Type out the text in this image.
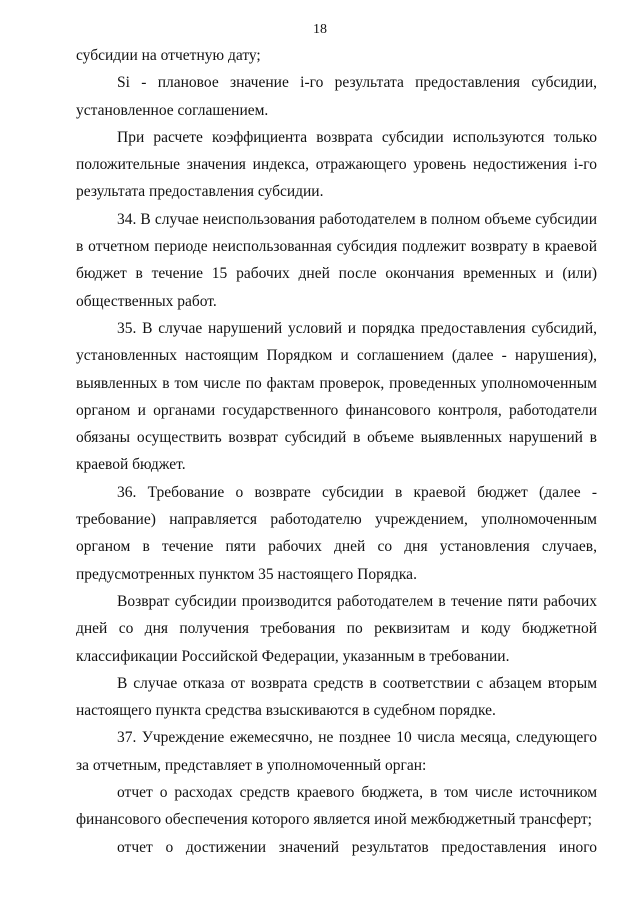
18

субсидии на отчетную дату;

Si - плановое значение i-го результата предоставления субсидии, установленное соглашением.

При расчете коэффициента возврата субсидии используются только положительные значения индекса, отражающего уровень недостижения i-го результата предоставления субсидии.

34. В случае неиспользования работодателем в полном объеме субсидии в отчетном периоде неиспользованная субсидия подлежит возврату в краевой бюджет в течение 15 рабочих дней после окончания временных и (или) общественных работ.

35. В случае нарушений условий и порядка предоставления субсидий, установленных настоящим Порядком и соглашением (далее - нарушения), выявленных в том числе по фактам проверок, проведенных уполномоченным органом и органами государственного финансового контроля, работодатели обязаны осуществить возврат субсидий в объеме выявленных нарушений в краевой бюджет.

36. Требование о возврате субсидии в краевой бюджет (далее - требование) направляется работодателю учреждением, уполномоченным органом в течение пяти рабочих дней со дня установления случаев, предусмотренных пунктом 35 настоящего Порядка.

Возврат субсидии производится работодателем в течение пяти рабочих дней со дня получения требования по реквизитам и коду бюджетной классификации Российской Федерации, указанным в требовании.

В случае отказа от возврата средств в соответствии с абзацем вторым настоящего пункта средства взыскиваются в судебном порядке.

37. Учреждение ежемесячно, не позднее 10 числа месяца, следующего за отчетным, представляет в уполномоченный орган:

отчет о расходах средств краевого бюджета, в том числе источником финансового обеспечения которого является иной межбюджетный трансферт;

отчет о достижении значений результатов предоставления иного
